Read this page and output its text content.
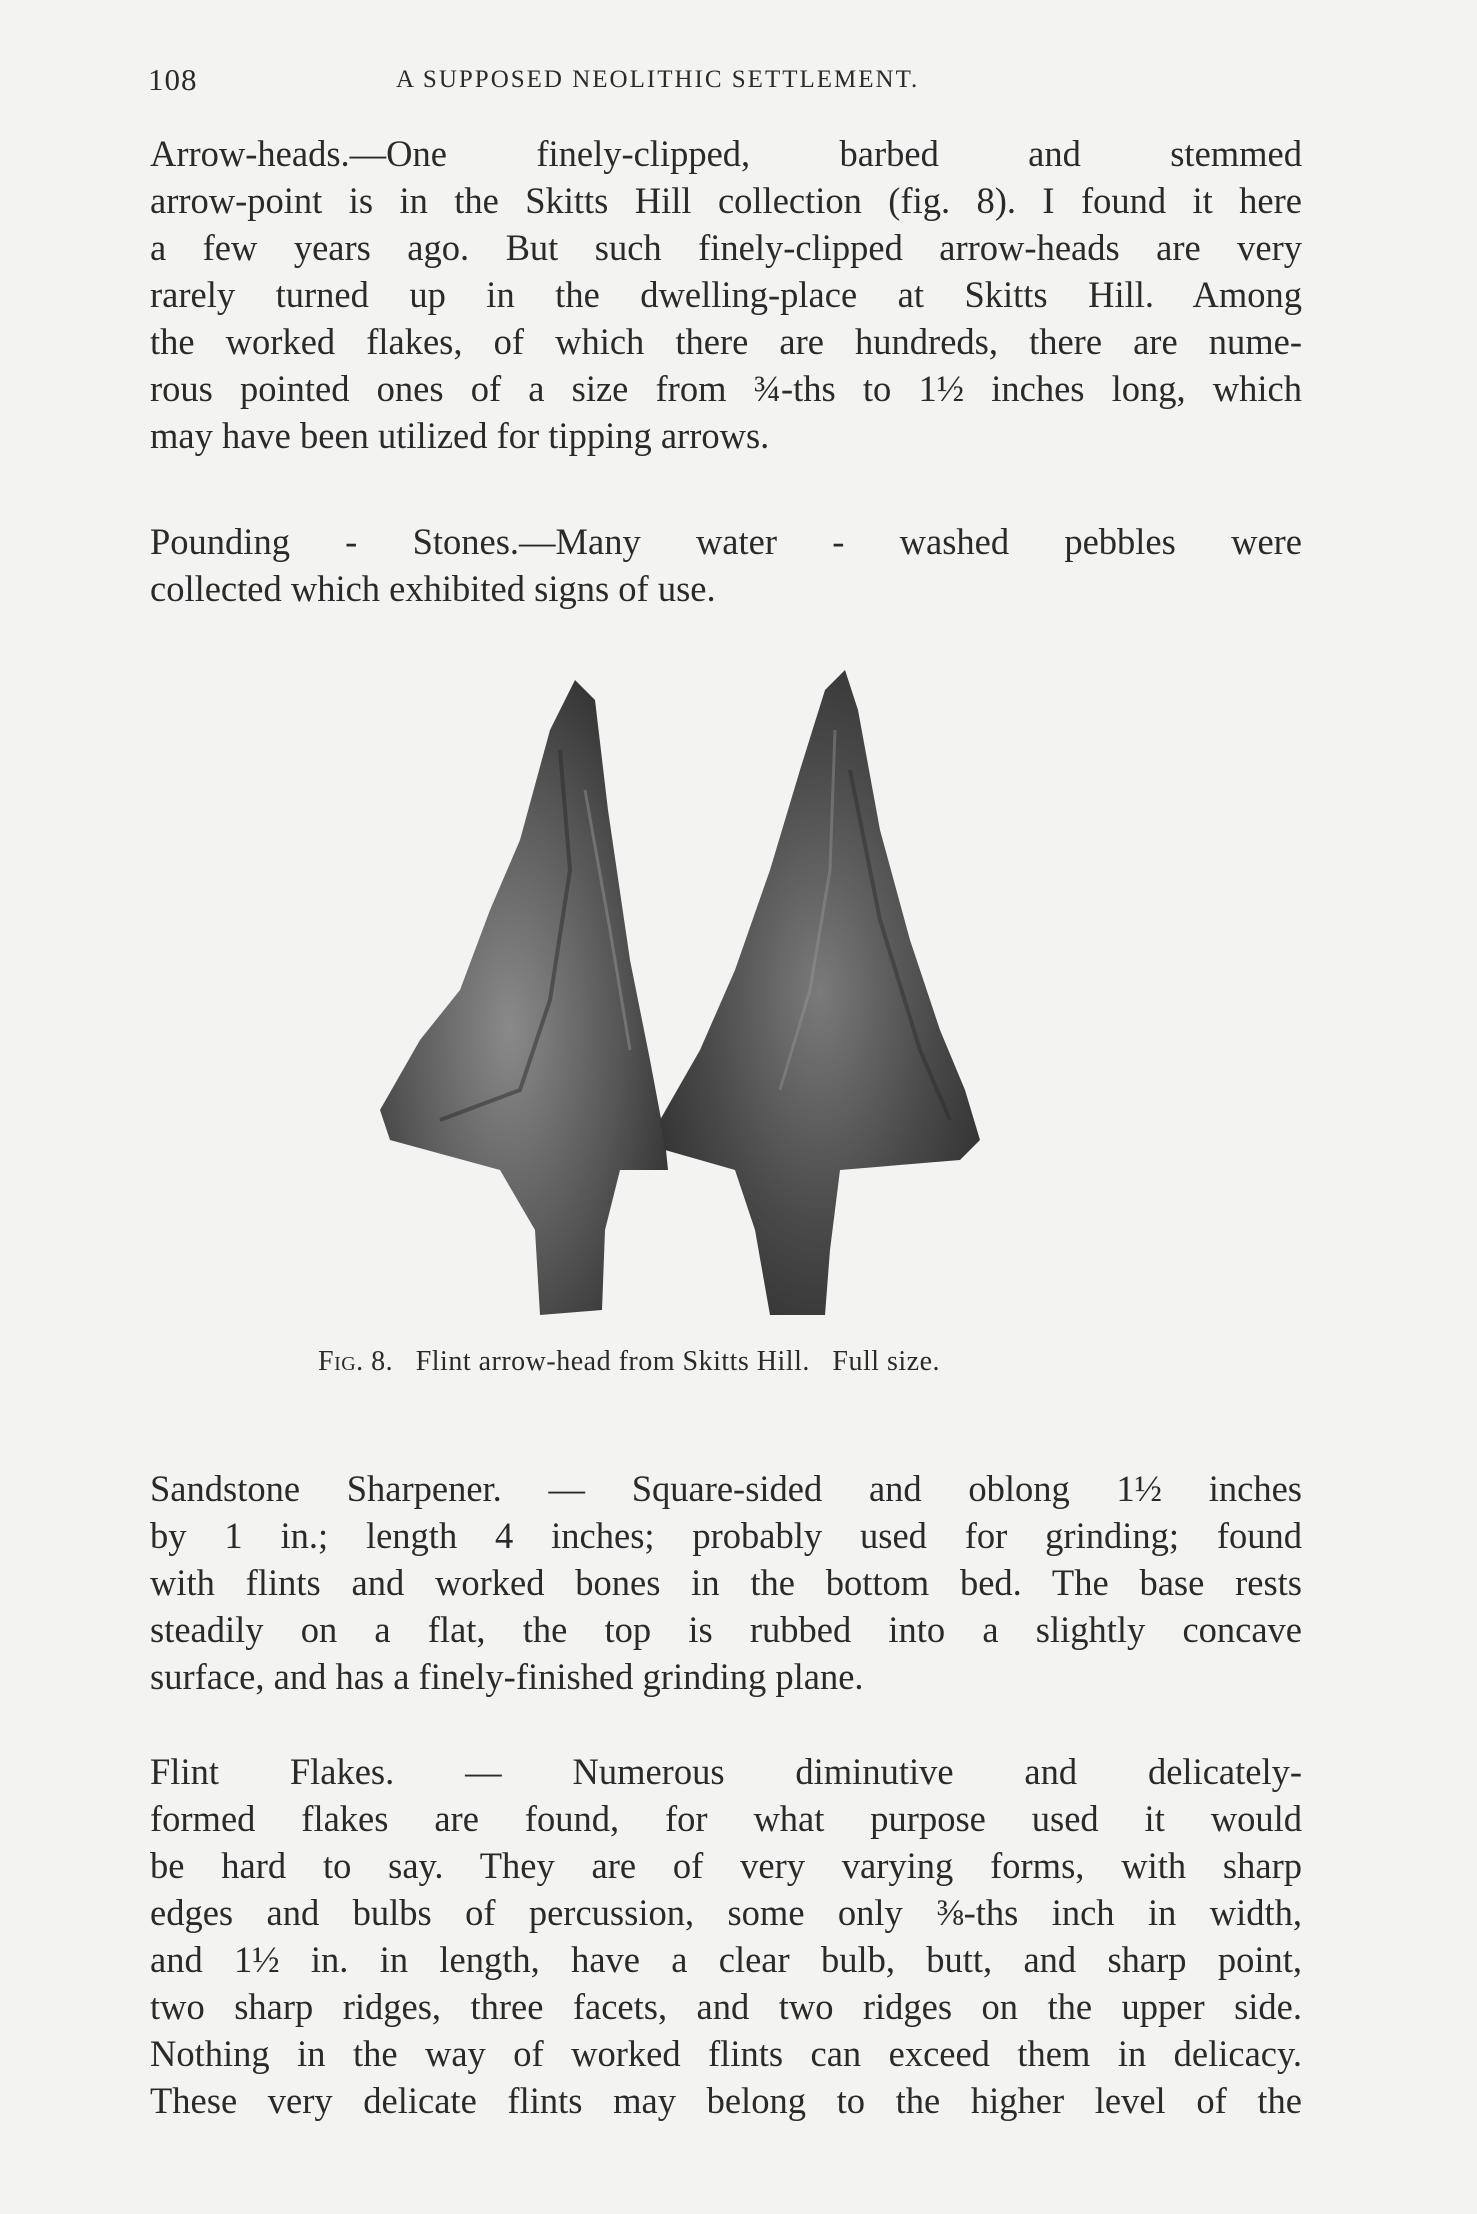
108	A SUPPOSED NEOLITHIC SETTLEMENT.
Arrow-heads.—One finely-clipped, barbed and stemmed
arrow-point is in the Skitts Hill collection (fig. 8). I found it here
a few years ago. But such finely-clipped arrow-heads are very
rarely turned up in the dwelling-place at Skitts Hill. Among
the worked flakes, of which there are hundreds, there are nume-
rous pointed ones of a size from ¾-ths to 1½ inches long, which
may have been utilized for tipping arrows.
Pounding - Stones.—Many water - washed pebbles were
collected which exhibited signs of use.
Fig. 8. Flint arrow-head from Skitts Hill. Full size.
Sandstone Sharpener. — Square-sided and oblong 1½ inches
by 1 in.; length 4 inches; probably used for grinding; found
with flints and worked bones in the bottom bed. The base rests
steadily on a flat, the top is rubbed into a slightly concave
surface, and has a finely-finished grinding plane.
Flint Flakes. — Numerous diminutive and delicately-
formed flakes are found, for what purpose used it would
be hard to say. They are of very varying forms, with sharp
edges and bulbs of percussion, some only ⅜-ths inch in width,
and 1½ in. in length, have a clear bulb, butt, and sharp point,
two sharp ridges, three facets, and two ridges on the upper side.
Nothing in the way of worked flints can exceed them in delicacy.
These very delicate flints may belong to the higher level of the
